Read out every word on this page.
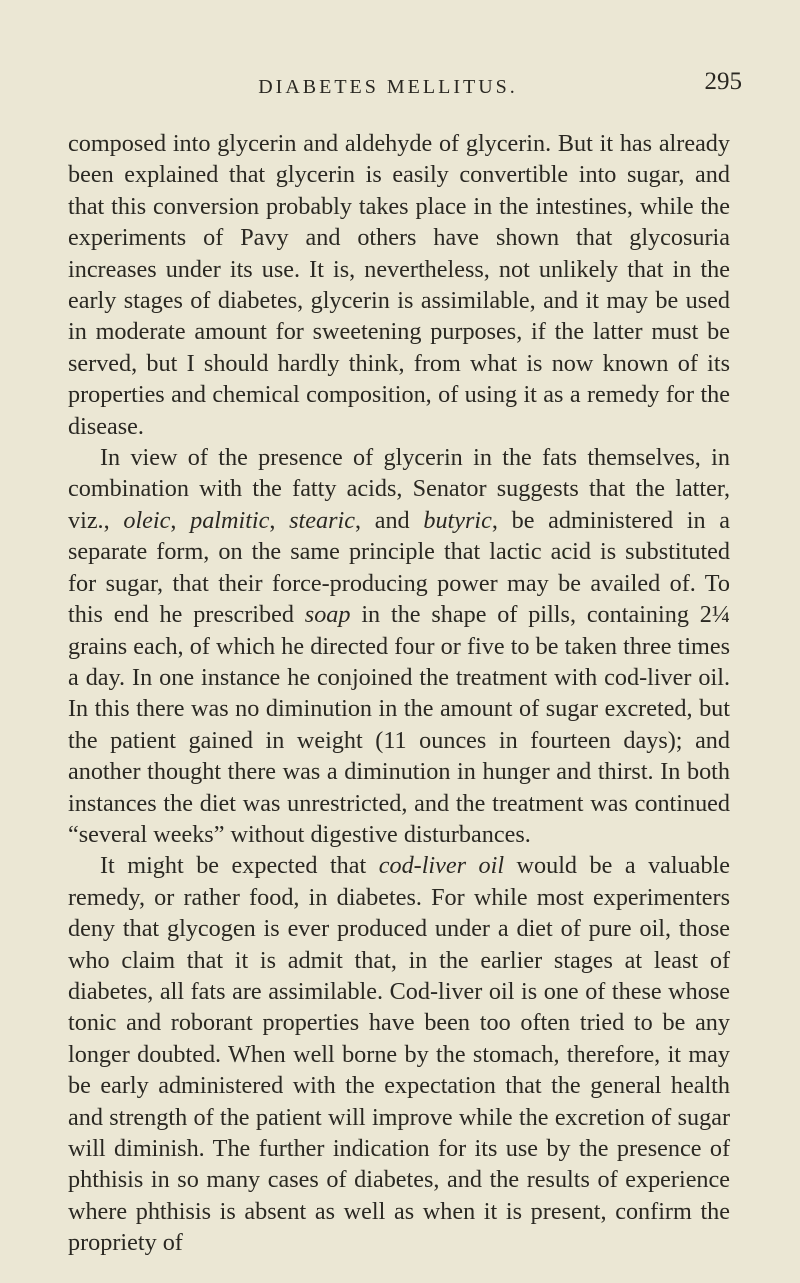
DIABETES MELLITUS.	295

composed into glycerin and aldehyde of glycerin. But it has already been explained that glycerin is easily convertible into sugar, and that this conversion probably takes place in the intestines, while the experiments of Pavy and others have shown that glycosuria increases under its use. It is, nevertheless, not unlikely that in the early stages of diabetes, glycerin is assimilable, and it may be used in moderate amount for sweetening purposes, if the latter must be served, but I should hardly think, from what is now known of its properties and chemical composition, of using it as a remedy for the disease.

In view of the presence of glycerin in the fats themselves, in combination with the fatty acids, Senator suggests that the latter, viz., oleic, palmitic, stearic, and butyric, be administered in a separate form, on the same principle that lactic acid is substituted for sugar, that their force-producing power may be availed of. To this end he prescribed soap in the shape of pills, containing 2¼ grains each, of which he directed four or five to be taken three times a day. In one instance he conjoined the treatment with cod-liver oil. In this there was no diminution in the amount of sugar excreted, but the patient gained in weight (11 ounces in fourteen days); and another thought there was a diminution in hunger and thirst. In both instances the diet was unrestricted, and the treatment was continued “several weeks” without digestive disturbances.

It might be expected that cod-liver oil would be a valuable remedy, or rather food, in diabetes. For while most experimenters deny that glycogen is ever produced under a diet of pure oil, those who claim that it is admit that, in the earlier stages at least of diabetes, all fats are assimilable. Cod-liver oil is one of these whose tonic and roborant properties have been too often tried to be any longer doubted. When well borne by the stomach, therefore, it may be early administered with the expectation that the general health and strength of the patient will improve while the excretion of sugar will diminish. The further indication for its use by the presence of phthisis in so many cases of diabetes, and the results of experience where phthisis is absent as well as when it is present, confirm the propriety of
